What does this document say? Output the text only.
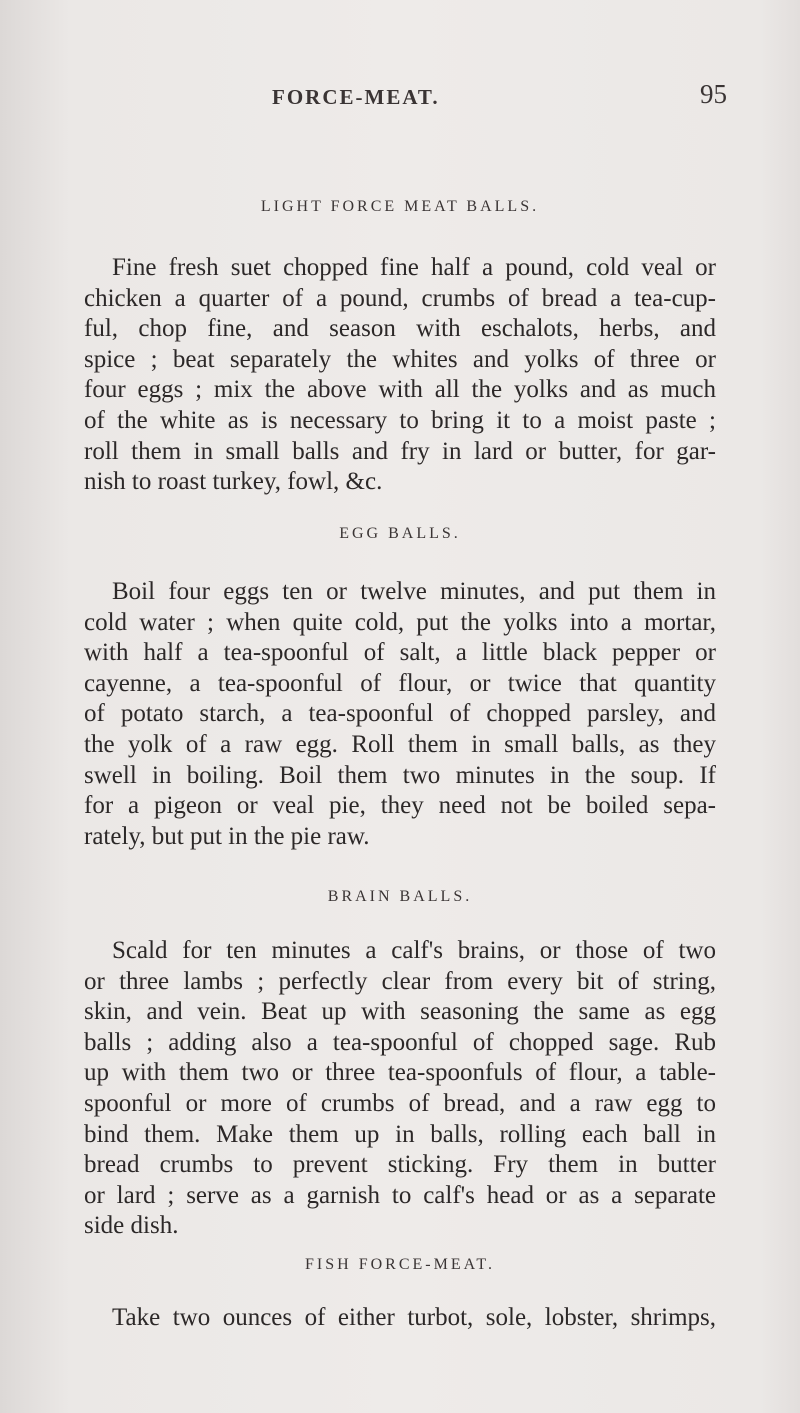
FORCE-MEAT.	95
LIGHT FORCE MEAT BALLS.
Fine fresh suet chopped fine half a pound, cold veal or
chicken a quarter of a pound, crumbs of bread a tea-cup-
ful, chop fine, and season with eschalots, herbs, and
spice ; beat separately the whites and yolks of three or
four eggs ; mix the above with all the yolks and as much
of the white as is necessary to bring it to a moist paste ;
roll them in small balls and fry in lard or butter, for gar-
nish to roast turkey, fowl, &c.
EGG BALLS.
Boil four eggs ten or twelve minutes, and put them in
cold water ; when quite cold, put the yolks into a mortar,
with half a tea-spoonful of salt, a little black pepper or
cayenne, a tea-spoonful of flour, or twice that quantity
of potato starch, a tea-spoonful of chopped parsley, and
the yolk of a raw egg. Roll them in small balls, as they
swell in boiling. Boil them two minutes in the soup. If
for a pigeon or veal pie, they need not be boiled sepa-
rately, but put in the pie raw.
BRAIN BALLS.
Scald for ten minutes a calf's brains, or those of two
or three lambs ; perfectly clear from every bit of string,
skin, and vein. Beat up with seasoning the same as egg
balls ; adding also a tea-spoonful of chopped sage. Rub
up with them two or three tea-spoonfuls of flour, a table-
spoonful or more of crumbs of bread, and a raw egg to
bind them. Make them up in balls, rolling each ball in
bread crumbs to prevent sticking. Fry them in butter
or lard ; serve as a garnish to calf's head or as a separate
side dish.
FISH FORCE-MEAT.
Take two ounces of either turbot, sole, lobster, shrimps,
